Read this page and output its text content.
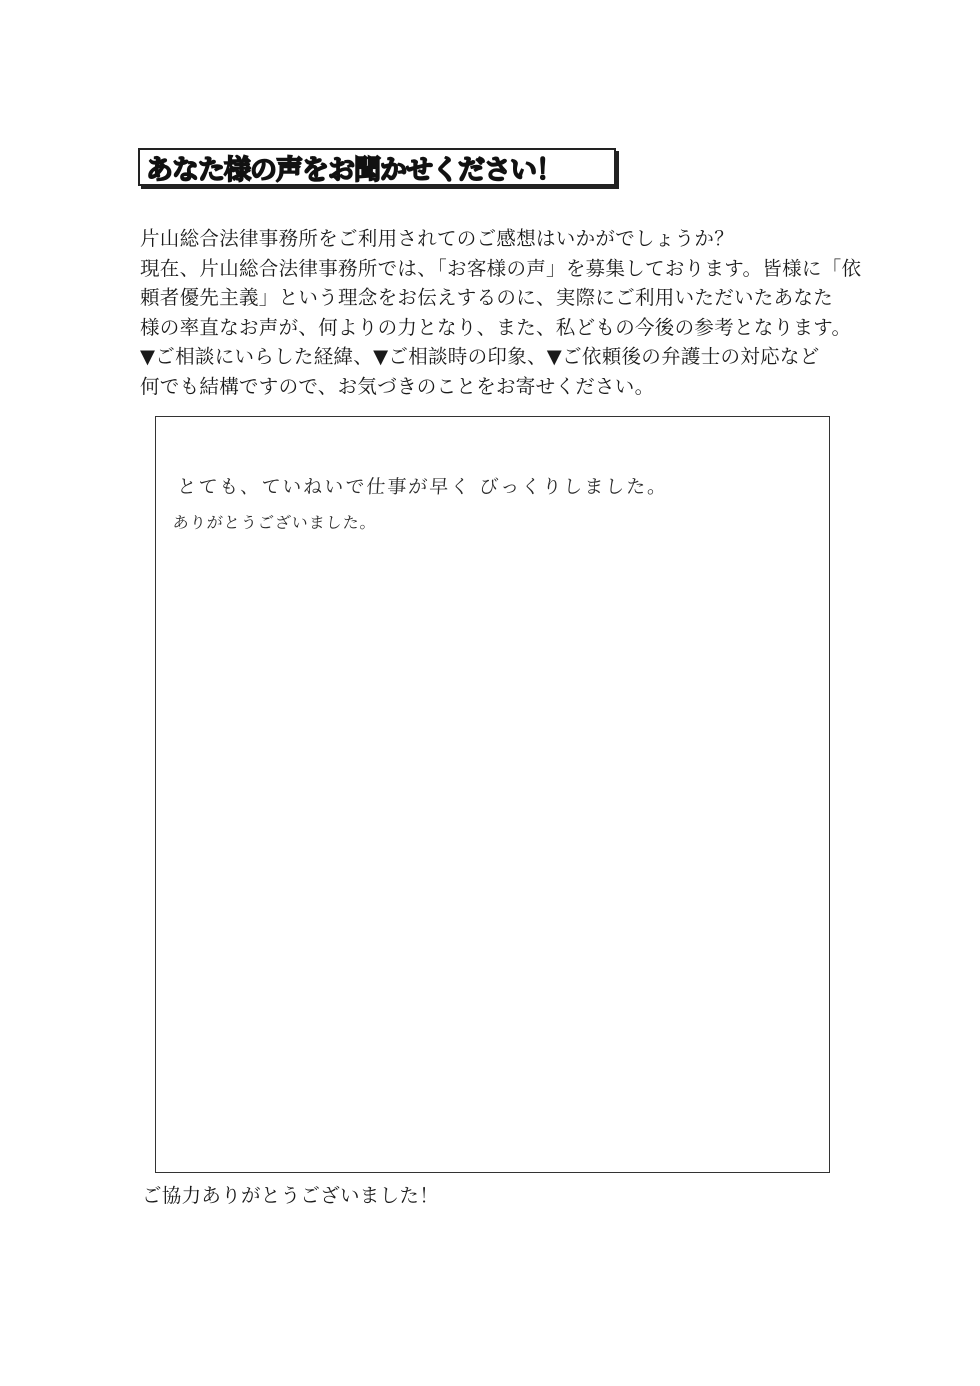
あなた様の声をお聞かせください！
片山総合法律事務所をご利用されてのご感想はいかがでしょうか？
現在、片山総合法律事務所では、「お客様の声」を募集しております。皆様に「依
頼者優先主義」という理念をお伝えするのに、実際にご利用いただいたあなた
様の率直なお声が、何よりの力となり、また、私どもの今後の参考となります。
▼ご相談にいらした経緯、▼ご相談時の印象、▼ご依頼後の弁護士の対応など
何でも結構ですので、お気づきのことをお寄せください。
とても、ていねいで仕事が早く びっくりしました。
ありがとうございました。
ご協力ありがとうございました！
